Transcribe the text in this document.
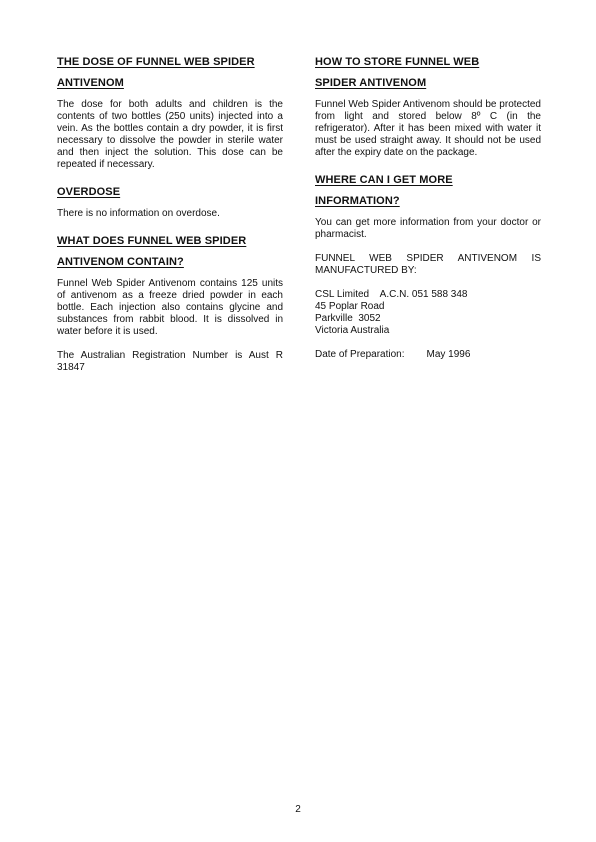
THE DOSE OF FUNNEL WEB SPIDER
ANTIVENOM

The dose for both adults and children is the contents of two bottles (250 units) injected into a vein. As the bottles contain a dry powder, it is first necessary to dissolve the powder in sterile water and then inject the solution. This dose can be repeated if necessary.

OVERDOSE

There is no information on overdose.

WHAT DOES FUNNEL WEB SPIDER
ANTIVENOM CONTAIN?

Funnel Web Spider Antivenom contains 125 units of antivenom as a freeze dried powder in each bottle. Each injection also contains glycine and substances from rabbit blood. It is dissolved in water before it is used.

The Australian Registration Number is Aust R 31847

HOW TO STORE FUNNEL WEB
SPIDER ANTIVENOM

Funnel Web Spider Antivenom should be protected from light and stored below 8º C (in the refrigerator). After it has been mixed with water it must be used straight away. It should not be used after the expiry date on the package.

WHERE CAN I GET MORE
INFORMATION?

You can get more information from your doctor or pharmacist.

FUNNEL WEB SPIDER ANTIVENOM IS MANUFACTURED BY:

CSL Limited    A.C.N. 051 588 348

45 Poplar Road

Parkville  3052

Victoria Australia

Date of Preparation: May 1996

2
